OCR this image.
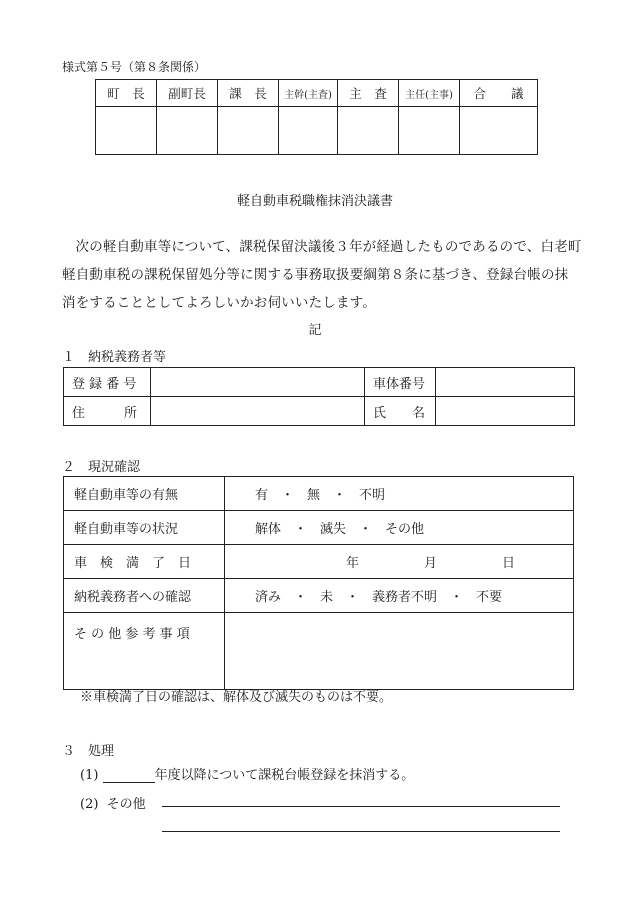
様式第５号（第８条関係）
町　長	副町長	課　長	主幹(主査)	主　査	主任(主事)	合　　議

軽自動車税職権抹消決議書
次の軽自動車等について、課税保留決議後３年が経過したものであるので、白老町軽自動車税の課税保留処分等に関する事務取扱要綱第８条に基づき、登録台帳の抹消をすることとしてよろしいかお伺いいたします。
記
１　納税義務者等
登 録 番 号		車体番号	
住　　　所		氏　　名	
２　現況確認
軽自動車等の有無	有　・　無　・　不明
軽自動車等の状況	解体　・　滅失　・　その他
車　検　満　了　日	　　　　　　　年　　　　　月　　　　　日
納税義務者への確認	済み　・　未　・　義務者不明　・　不要
そ の 他 参 考 事 項	
※車検満了日の確認は、解体及び滅失のものは不要。
３　処理
(1)	年度以降について課税台帳登録を抹消する。
(2)  その他
